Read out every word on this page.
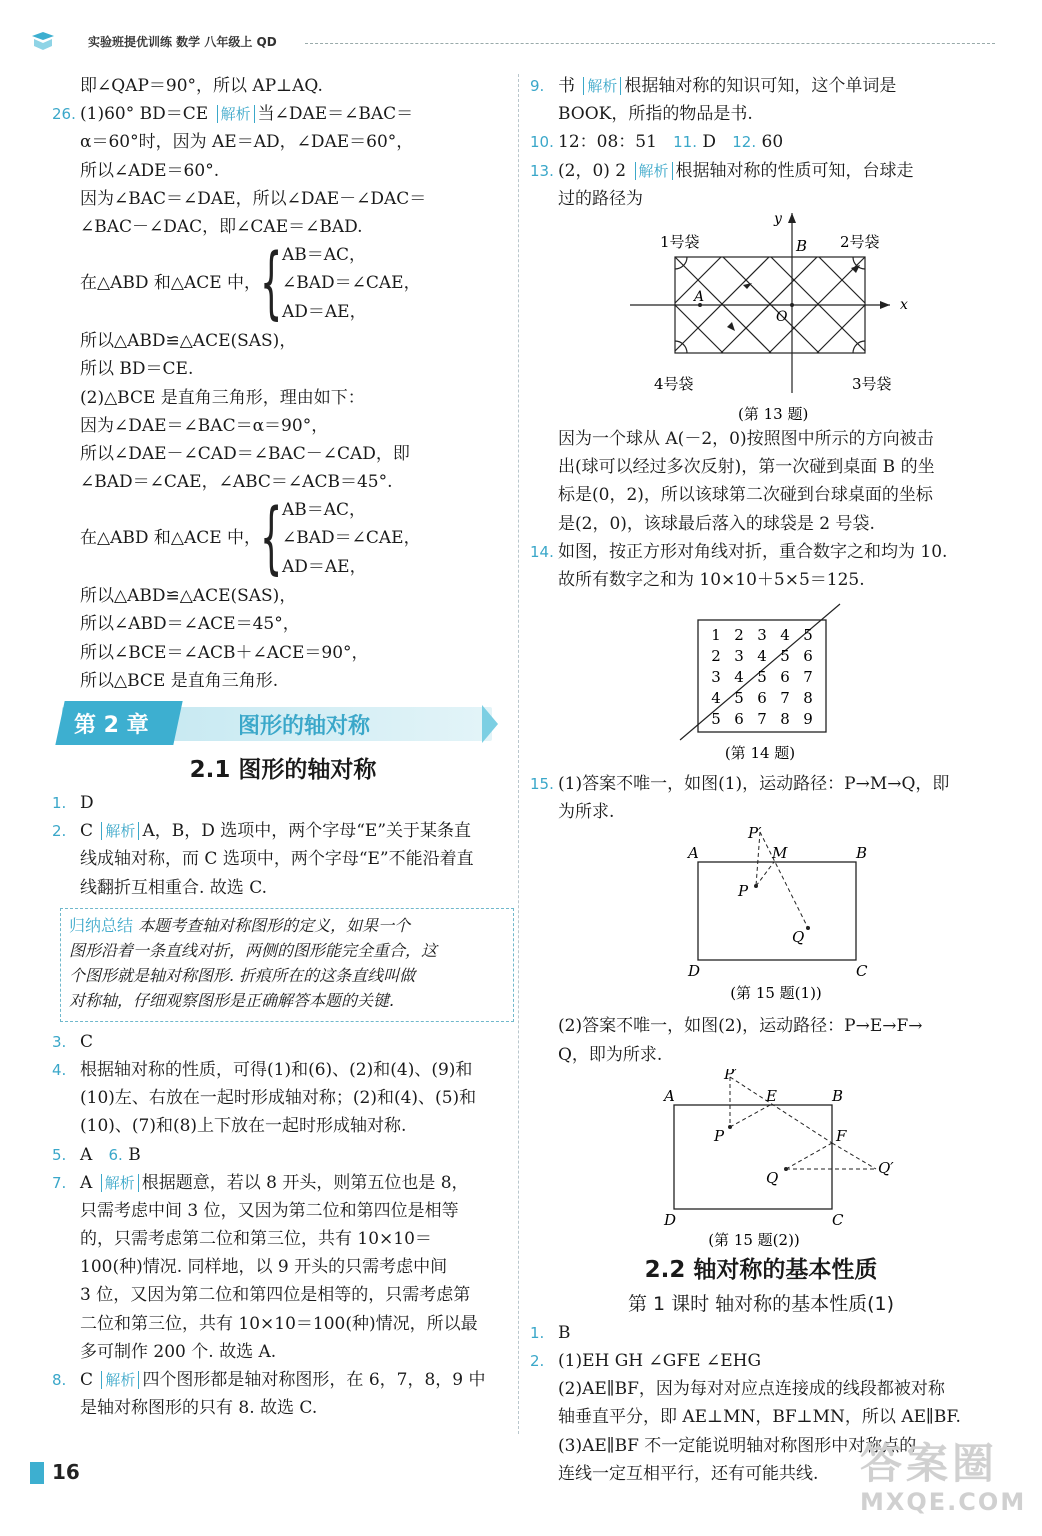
实验班提优训练 数学 八年级上 QD
即∠QAP＝90°，所以 AP⊥AQ.
26. (1)60° BD＝CE 解析 当∠DAE＝∠BAC＝
α＝60°时，因为 AE＝AD，∠DAE＝60°，
所以∠ADE＝60°.
因为∠BAC＝∠DAE，所以∠DAE－∠DAC＝
∠BAC－∠DAC，即∠CAE＝∠BAD.
在△ABD 和△ACE 中，
{ AB＝AC，
∠BAD＝∠CAE，
AD＝AE，
所以△ABD≌△ACE(SAS)，
所以 BD＝CE.
(2)△BCE 是直角三角形，理由如下：
因为∠DAE＝∠BAC＝α＝90°，
所以∠DAE－∠CAD＝∠BAC－∠CAD，即
∠BAD＝∠CAE，∠ABC＝∠ACB＝45°.
在△ABD 和△ACE 中，
{ AB＝AC，
∠BAD＝∠CAE，
AD＝AE，
所以△ABD≌△ACE(SAS)，
所以∠ABD＝∠ACE＝45°，
所以∠BCE＝∠ACB＋∠ACE＝90°，
所以△BCE 是直角三角形.
第 2 章	图形的轴对称
2.1 图形的轴对称
1. D
2. C 解析 A，B，D 选项中，两个字母“E”关于某条直
线成轴对称，而 C 选项中，两个字母“E”不能沿着直
线翻折互相重合. 故选 C.
归纳总结 本题考查轴对称图形的定义，如果一个
图形沿着一条直线对折，两侧的图形能完全重合，这
个图形就是轴对称图形. 折痕所在的这条直线叫做
对称轴，仔细观察图形是正确解答本题的关键.
3. C
4. 根据轴对称的性质，可得(1)和(6)、(2)和(4)、(9)和
(10)左、右放在一起时形成轴对称；(2)和(4)、(5)和
(10)、(7)和(8)上下放在一起时形成轴对称.
5. A 6. B
7. A 解析 根据题意，若以 8 开头，则第五位也是 8，
只需考虑中间 3 位，又因为第二位和第四位是相等
的，只需考虑第二位和第三位，共有 10×10＝
100(种)情况. 同样地，以 9 开头的只需考虑中间
3 位，又因为第二位和第四位是相等的，只需考虑第
二位和第三位，共有 10×10＝100(种)情况，所以最
多可制作 200 个. 故选 A.
8. C 解析 四个图形都是轴对称图形，在 6，7，8，9 中
是轴对称图形的只有 8. 故选 C.
9. 书 解析 根据轴对称的知识可知，这个单词是
BOOK，所指的物品是书.
10. 12：08：51 11. D 12. 60
13. (2，0) 2 解析 根据轴对称的性质可知，台球走
过的路径为
1号袋	2号袋
3号袋
4号袋
B
A
O
x
y
(第 13 题)
因为一个球从 A(－2，0)按照图中所示的方向被击
出(球可以经过多次反射)，第一次碰到桌面 B 的坐
标是(0，2)，所以该球第二次碰到台球桌面的坐标
是(2，0)，该球最后落入的球袋是 2 号袋.
14. 如图，按正方形对角线对折，重合数字之和均为 10.
故所有数字之和为 10×10＋5×5＝125.
1 2 3 4 5
2 3 4 5 6
3 4 5 6 7
4 5 6 7 8
5 6 7 8 9
(第 14 题)
15. (1)答案不唯一，如图(1)，运动路径：P→M→Q，即
为所求.
A	B
C
D
P
P′
M
Q
(第 15 题(1))
(2)答案不唯一，如图(2)，运动路径：P→E→F→
Q，即为所求.
A	B
C
D
P
P′
E
F
Q
Q′
(第 15 题(2))
2.2 轴对称的基本性质
第 1 课时 轴对称的基本性质(1)
1. B
2. (1)EH GH ∠GFE ∠EHG
(2)AE∥BF，因为每对对应点连接成的线段都被对称
轴垂直平分，即 AE⊥MN，BF⊥MN，所以 AE∥BF.
(3)AE∥BF 不一定能说明轴对称图形中对称点的
连线一定互相平行，还有可能共线.
16	答案圈
MXQE.COM
